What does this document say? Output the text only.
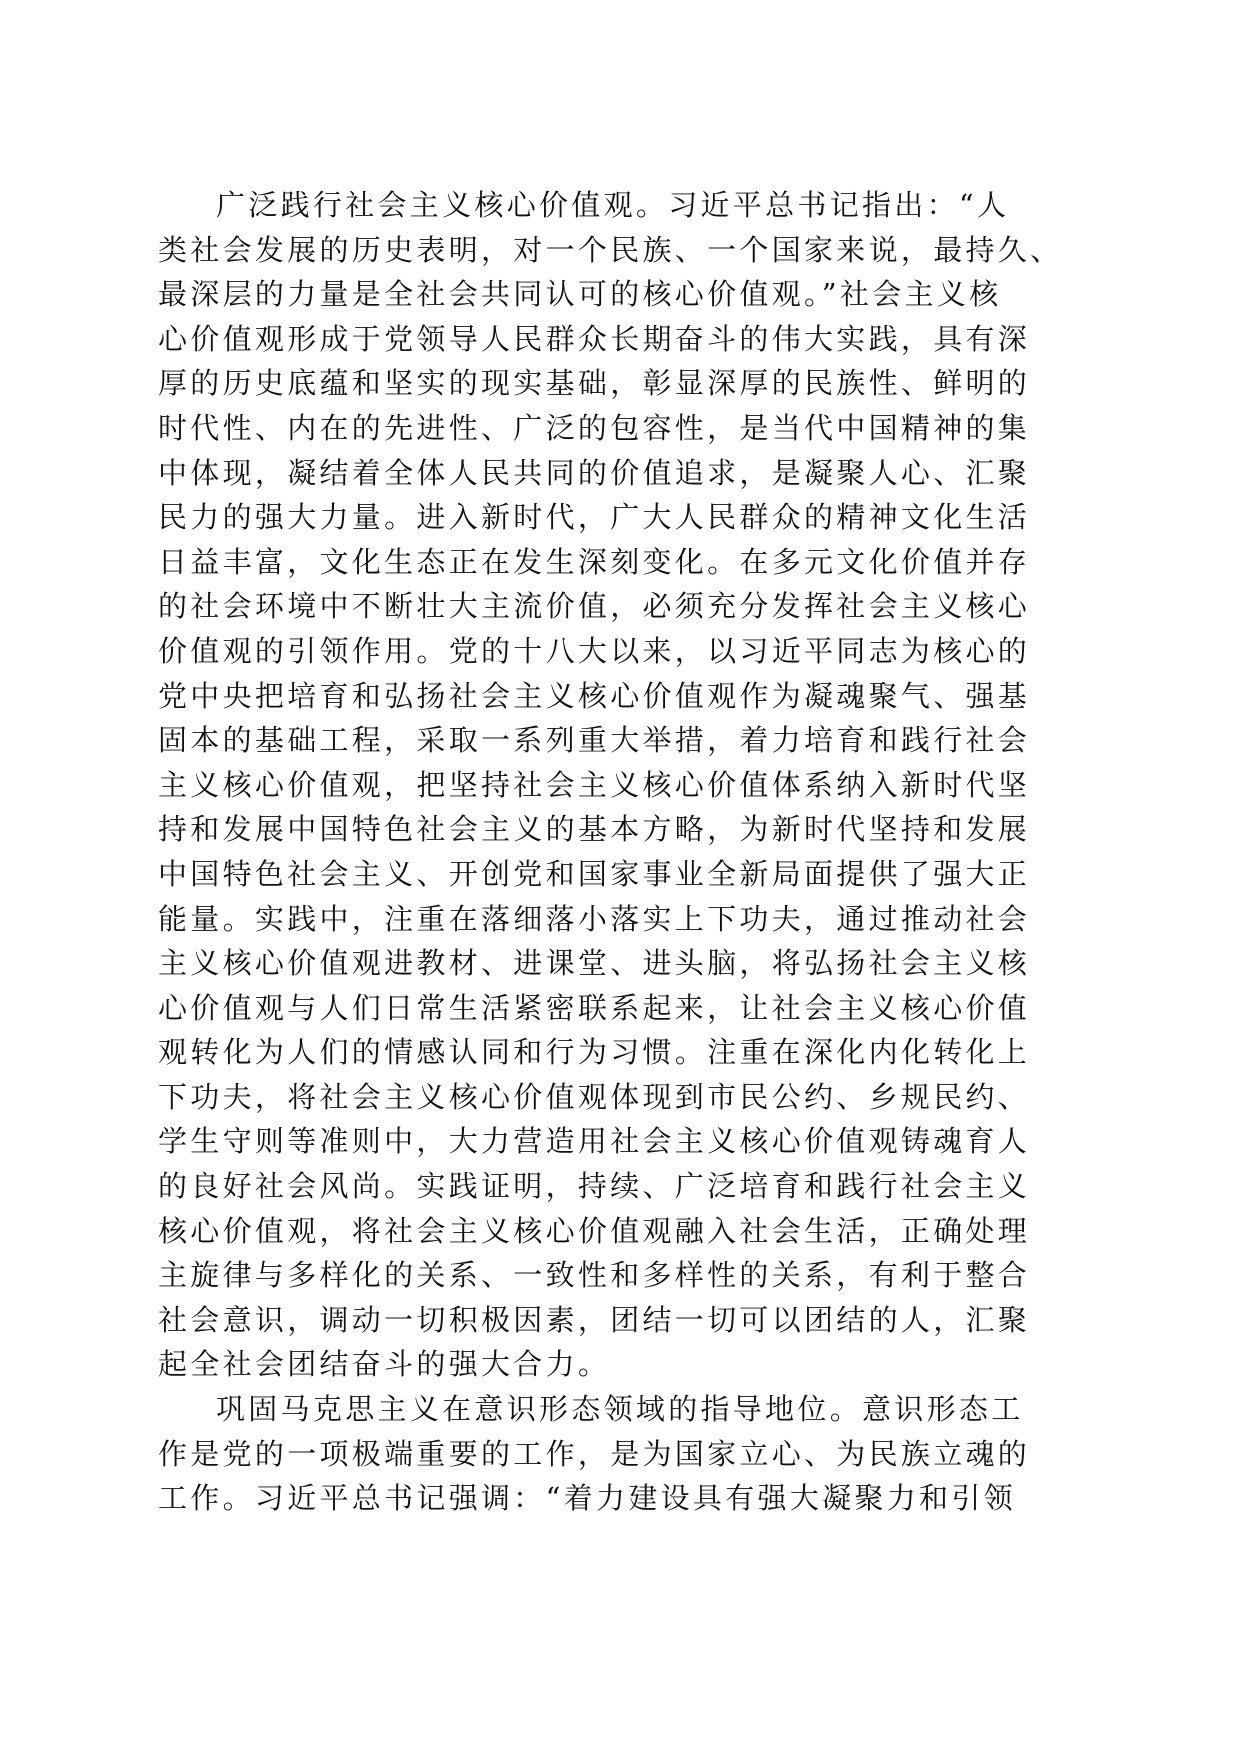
广泛践行社会主义核心价值观。习近平总书记指出：“人
类社会发展的历史表明，对一个民族、一个国家来说，最持久、
最深层的力量是全社会共同认可的核心价值观。”社会主义核
心价值观形成于党领导人民群众长期奋斗的伟大实践，具有深
厚的历史底蕴和坚实的现实基础，彰显深厚的民族性、鲜明的
时代性、内在的先进性、广泛的包容性，是当代中国精神的集
中体现，凝结着全体人民共同的价值追求，是凝聚人心、汇聚
民力的强大力量。进入新时代，广大人民群众的精神文化生活
日益丰富，文化生态正在发生深刻变化。在多元文化价值并存
的社会环境中不断壮大主流价值，必须充分发挥社会主义核心
价值观的引领作用。党的十八大以来，以习近平同志为核心的
党中央把培育和弘扬社会主义核心价值观作为凝魂聚气、强基
固本的基础工程，采取一系列重大举措，着力培育和践行社会
主义核心价值观，把坚持社会主义核心价值体系纳入新时代坚
持和发展中国特色社会主义的基本方略，为新时代坚持和发展
中国特色社会主义、开创党和国家事业全新局面提供了强大正
能量。实践中，注重在落细落小落实上下功夫，通过推动社会
主义核心价值观进教材、进课堂、进头脑，将弘扬社会主义核
心价值观与人们日常生活紧密联系起来，让社会主义核心价值
观转化为人们的情感认同和行为习惯。注重在深化内化转化上
下功夫，将社会主义核心价值观体现到市民公约、乡规民约、
学生守则等准则中，大力营造用社会主义核心价值观铸魂育人
的良好社会风尚。实践证明，持续、广泛培育和践行社会主义
核心价值观，将社会主义核心价值观融入社会生活，正确处理
主旋律与多样化的关系、一致性和多样性的关系，有利于整合
社会意识，调动一切积极因素，团结一切可以团结的人，汇聚
起全社会团结奋斗的强大合力。
巩固马克思主义在意识形态领域的指导地位。意识形态工
作是党的一项极端重要的工作，是为国家立心、为民族立魂的
工作。习近平总书记强调：“着力建设具有强大凝聚力和引领
